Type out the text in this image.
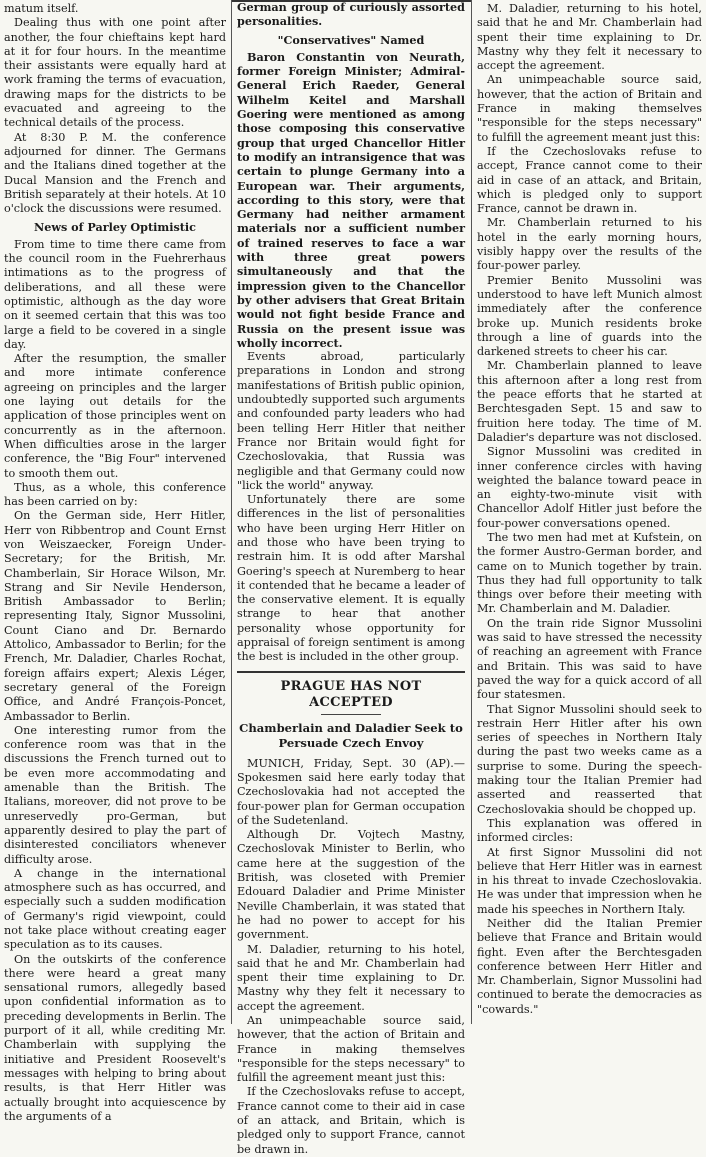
matum itself.

Dealing thus with one point after another, the four chieftains kept hard at it for four hours. In the meantime their assistants were equally hard at work framing the terms of evacuation, drawing maps for the districts to be evacuated and agreeing to the technical details of the process.

At 8:30 P. M. the conference adjourned for dinner. The Germans and the Italians dined together at the Ducal Mansion and the French and British separately at their hotels. At 10 o'clock the discussions were resumed.

News of Parley Optimistic

From time to time there came from the council room in the Fuehrerhaus intimations as to the progress of deliberations, and all these were optimistic, although as the day wore on it seemed certain that this was too large a field to be covered in a single day.

After the resumption, the smaller and more intimate conference agreeing on principles and the larger one laying out details for the application of those principles went on concurrently as in the afternoon. When difficulties arose in the larger conference, the "Big Four" intervened to smooth them out.

Thus, as a whole, this conference has been carried on by:

On the German side, Herr Hitler, Herr von Ribbentrop and Count Ernst von Weiszaecker, Foreign Under-Secretary; for the British, Mr. Chamberlain, Sir Horace Wilson, Mr. Strang and Sir Nevile Henderson, British Ambassador to Berlin; representing Italy, Signor Mussolini, Count Ciano and Dr. Bernardo Attolico, Ambassador to Berlin; for the French, Mr. Daladier, Charles Rochat, foreign affairs expert; Alexis Léger, secretary general of the Foreign Office, and André François-Poncet, Ambassador to Berlin.

One interesting rumor from the conference room was that in the discussions the French turned out to be even more accommodating and amenable than the British. The Italians, moreover, did not prove to be unreservedly pro-German, but apparently desired to play the part of disinterested conciliators whenever difficulty arose.

A change in the international atmosphere such as has occurred, and especially such a sudden modification of Germany's rigid viewpoint, could not take place without creating eager speculation as to its causes.

On the outskirts of the conference there were heard a great many sensational rumors, allegedly based upon confidential information as to preceding developments in Berlin. The purport of it all, while crediting Mr. Chamberlain with supplying the initiative and President Roosevelt's messages with helping to bring about results, is that Herr Hitler was actually brought into acquiescence by the arguments of a

German group of curiously assorted personalities.

"Conservatives" Named

Baron Constantin von Neurath, former Foreign Minister; Admiral-General Erich Raeder, General Wilhelm Keitel and Marshall Goering were mentioned as among those composing this conservative group that urged Chancellor Hitler to modify an intransigence that was certain to plunge Germany into a European war. Their arguments, according to this story, were that Germany had neither armament materials nor a sufficient number of trained reserves to face a war with three great powers simultaneously and that the impression given to the Chancellor by other advisers that Great Britain would not fight beside France and Russia on the present issue was wholly incorrect.

Events abroad, particularly preparations in London and strong manifestations of British public opinion, undoubtedly supported such arguments and confounded party leaders who had been telling Herr Hitler that neither France nor Britain would fight for Czechoslovakia, that Russia was negligible and that Germany could now "lick the world" anyway.

Unfortunately there are some differences in the list of personalities who have been urging Herr Hitler on and those who have been trying to restrain him. It is odd after Marshal Goering's speech at Nuremberg to hear it contended that he became a leader of the conservative element. It is equally strange to hear that another personality whose opportunity for appraisal of foreign sentiment is among the best is included in the other group.

PRAGUE HAS NOT ACCEPTED

Chamberlain and Daladier Seek to
Persuade Czech Envoy

MUNICH, Friday, Sept. 30 (AP).—Spokesmen said here early today that Czechoslovakia had not accepted the four-power plan for German occupation of the Sudetenland.

Although Dr. Vojtech Mastny, Czechoslovak Minister to Berlin, who came here at the suggestion of the British, was closeted with Premier Edouard Daladier and Prime Minister Neville Chamberlain, it was stated that he had no power to accept for his government.

M. Daladier, returning to his hotel, said that he and Mr. Chamberlain had spent their time explaining to Dr. Mastny why they felt it necessary to accept the agreement.

An unimpeachable source said, however, that the action of Britain and France in making themselves "responsible for the steps necessary" to fulfill the agreement meant just this:

If the Czechoslovaks refuse to accept, France cannot come to their aid in case of an attack, and Britain, which is pledged only to support France, cannot be drawn in.

M. Daladier, returning to his hotel, said that he and Mr. Chamberlain had spent their time explaining to Dr. Mastny why they felt it necessary to accept the agreement.

An unimpeachable source said, however, that the action of Britain and France in making themselves "responsible for the steps necessary" to fulfill the agreement meant just this:

If the Czechoslovaks refuse to accept, France cannot come to their aid in case of an attack, and Britain, which is pledged only to support France, cannot be drawn in.

Mr. Chamberlain returned to his hotel in the early morning hours, visibly happy over the results of the four-power parley.

Premier Benito Mussolini was understood to have left Munich almost immediately after the conference broke up. Munich residents broke through a line of guards into the darkened streets to cheer his car.

Mr. Chamberlain planned to leave this afternoon after a long rest from the peace efforts that he started at Berchtesgaden Sept. 15 and saw to fruition here today. The time of M. Daladier's departure was not disclosed.

Signor Mussolini was credited in inner conference circles with having weighted the balance toward peace in an eighty-two-minute visit with Chancellor Adolf Hitler just before the four-power conversations opened.

The two men had met at Kufstein, on the former Austro-German border, and came on to Munich together by train. Thus they had full opportunity to talk things over before their meeting with Mr. Chamberlain and M. Daladier.

On the train ride Signor Mussolini was said to have stressed the necessity of reaching an agreement with France and Britain. This was said to have paved the way for a quick accord of all four statesmen.

That Signor Mussolini should seek to restrain Herr Hitler after his own series of speeches in Northern Italy during the past two weeks came as a surprise to some. During the speech-making tour the Italian Premier had asserted and reasserted that Czechoslovakia should be chopped up.

This explanation was offered in informed circles:

At first Signor Mussolini did not believe that Herr Hitler was in earnest in his threat to invade Czechoslovakia. He was under that impression when he made his speeches in Northern Italy.

Neither did the Italian Premier believe that France and Britain would fight. Even after the Berchtesgaden conference between Herr Hitler and Mr. Chamberlain, Signor Mussolini had continued to berate the democracies as "cowards."
